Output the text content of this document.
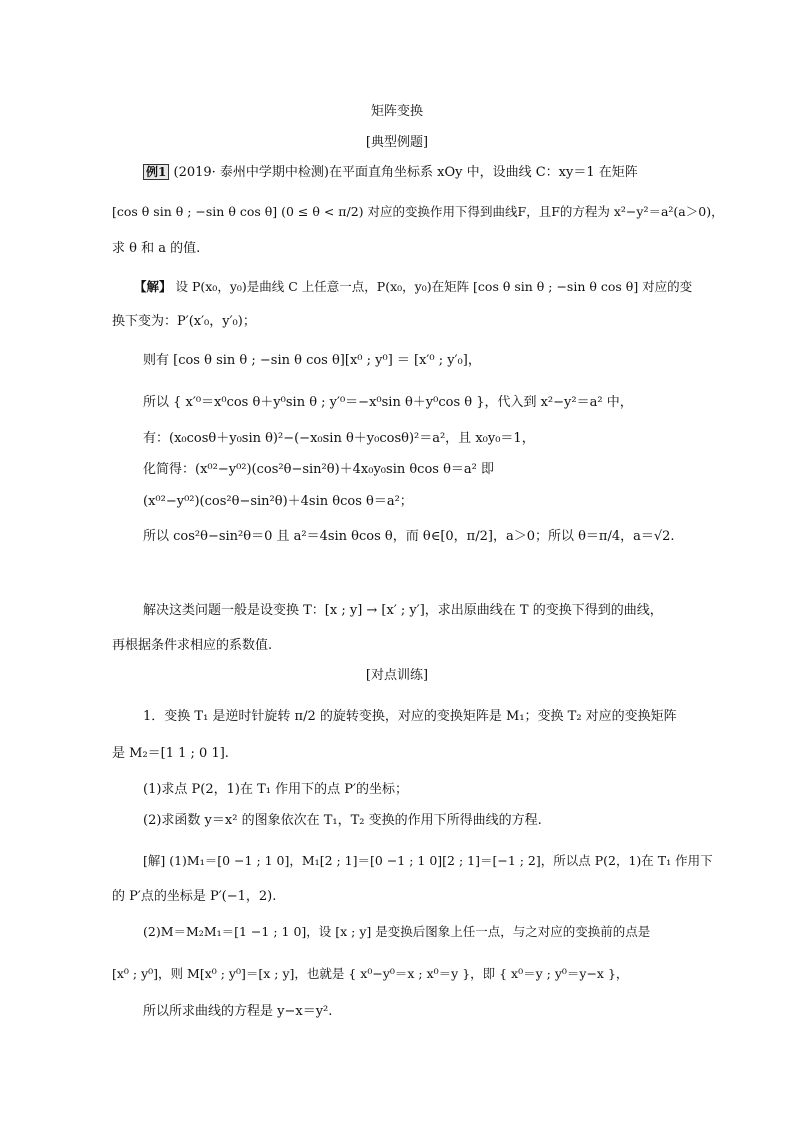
矩阵变换
[典型例题]
例1 (2019· 泰州中学期中检测)在平面直角坐标系 xOy 中，设曲线 C：xy＝1 在矩阵
[cos θ sin θ ; −sin θ cos θ] (0 ≤ θ < π/2) 对应的变换作用下得到曲线F，且F的方程为 x²−y²＝a²(a＞0)，
求 θ 和 a 的值.
【解】 设 P(x₀，y₀)是曲线 C 上任意一点，P(x₀，y₀)在矩阵 [cos θ sin θ ; −sin θ cos θ] 对应的变
换下变为：P′(x′₀，y′₀)；
则有 [cos θ sin θ ; −sin θ cos θ][x⁰ ; y⁰] ＝ [x′⁰ ; y′₀]，
所以 { x′⁰＝x⁰cos θ＋y⁰sin θ ; y′⁰＝−x⁰sin θ＋y⁰cos θ }，代入到 x²−y²＝a² 中，
有：(x₀cosθ＋y₀sin θ)²−(−x₀sin θ＋y₀cosθ)²＝a²，且 x₀y₀＝1，
化简得：(x⁰²−y⁰²)(cos²θ−sin²θ)＋4x₀y₀sin θcos θ＝a² 即
(x⁰²−y⁰²)(cos²θ−sin²θ)＋4sin θcos θ＝a²；
所以 cos²θ−sin²θ＝0 且 a²＝4sin θcos θ，而 θ∈[0，π/2]，a＞0；所以 θ＝π/4，a＝√2.
解决这类问题一般是设变换 T：[x ; y] → [x′ ; y′]，求出原曲线在 T 的变换下得到的曲线，
再根据条件求相应的系数值.
[对点训练]
1．变换 T₁ 是逆时针旋转 π/2 的旋转变换，对应的变换矩阵是 M₁；变换 T₂ 对应的变换矩阵
是 M₂＝[1 1 ; 0 1].
(1)求点 P(2，1)在 T₁ 作用下的点 P′的坐标；
(2)求函数 y＝x² 的图象依次在 T₁，T₂ 变换的作用下所得曲线的方程.
[解] (1)M₁＝[0 −1 ; 1 0]，M₁[2 ; 1]＝[0 −1 ; 1 0][2 ; 1]＝[−1 ; 2]，所以点 P(2，1)在 T₁ 作用下
的 P′点的坐标是 P′(−1，2).
(2)M＝M₂M₁＝[1 −1 ; 1 0]，设 [x ; y] 是变换后图象上任一点，与之对应的变换前的点是
[x⁰ ; y⁰]，则 M[x⁰ ; y⁰]＝[x ; y]，也就是 { x⁰−y⁰＝x ; x⁰＝y }，即 { x⁰＝y ; y⁰＝y−x }，
所以所求曲线的方程是 y−x＝y².
